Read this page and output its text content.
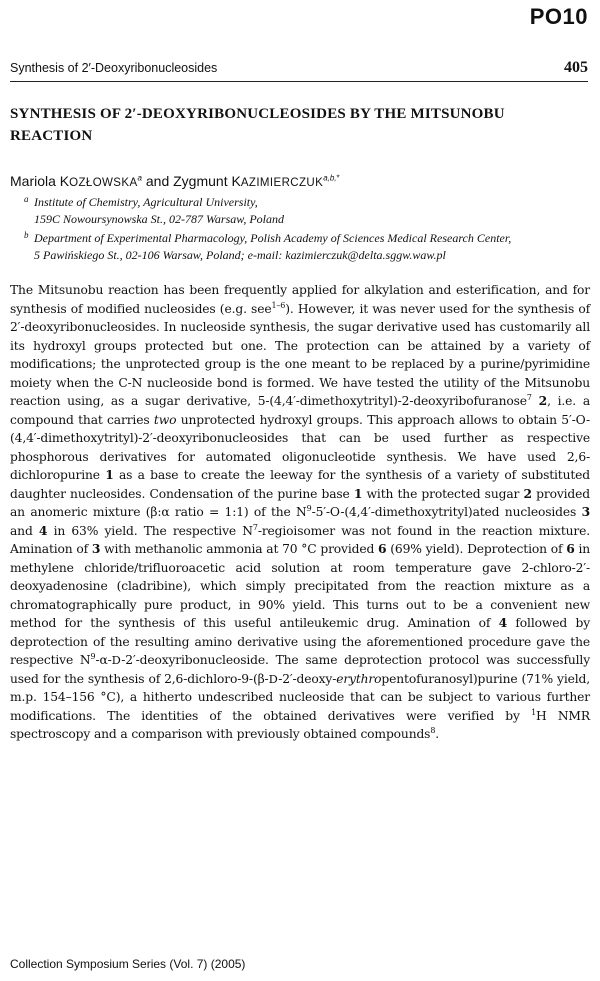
PO10
Synthesis of 2′-Deoxyribonucleosides	405
SYNTHESIS OF 2′-DEOXYRIBONUCLEOSIDES BY THE MITSUNOBU REACTION
Mariola KOZŁOWSKA$^a$ and Zygmunt $KAZIMIERCZUK^{a,b,*}$
a Institute of Chemistry, Agricultural University,
159C Nowoursynowska St., 02-787 Warsaw, Poland
b Department of Experimental Pharmacology, Polish Academy of Sciences Medical Research Center,
5 Pawińskiego St., 02-106 Warsaw, Poland; e-mail: kazimierczuk@delta.sggw.waw.pl
The Mitsunobu reaction has been frequently applied for alkylation and esterification, and for synthesis of modified nucleosides (e.g. see$^{1-6}$). However, it was never used for the synthesis of 2′-deoxyribonucleosides. In nucleoside synthesis, the sugar derivative used has customarily all its hydroxyl groups protected but one. The protection can be attained by a variety of modifications; the unprotected group is the one meant to be replaced by a purine/pyrimidine moiety when the C-N nucleoside bond is formed. We have tested the utility of the Mitsunobu reaction using, as a sugar derivative, 5-(4,4′-dimethoxytrityl)-2-deoxyribofuranose$^7$ 2, i.e. a compound that carries two unprotected hydroxyl groups. This approach allows to obtain 5′-O-(4,4′-dimethoxytrityl)-2′-deoxyribonucleosides that can be used further as respective phosphorous derivatives for automated oligonucleotide synthesis. We have used 2,6-dichloropurine 1 as a base to create the leeway for the synthesis of a variety of substituted daughter nucleosides. Condensation of the purine base 1 with the protected sugar 2 provided an anomeric mixture (β:α ratio = 1:1) of the $N^9-5'-O-(4,4'-dimethoxytrityl)ated$ nucleosides 3 and 4 in 63% yield. The respective $N^7$-regioisomer was not found in the reaction mixture. Amination of 3 with methanolic ammonia at 70 °C provided 6 (69% yield). Deprotection of 6 in methylene chloride/trifluoroacetic acid solution at room temperature gave 2-chloro-2′-deoxyadenosine (cladribine), which simply precipitated from the reaction mixture as a chromatographically pure product, in 90% yield. This turns out to be a convenient new method for the synthesis of this useful antileukemic drug. Amination of 4 followed by deprotection of the resulting amino derivative using the aforementioned procedure gave the respective $N^9-\alpha-D-2'$-deoxyribonucleoside. The same deprotection protocol was successfully used for the synthesis of 2,6-dichloro-9-(β-D-2′-deoxy-erythropentofuranosyl)purine (71% yield, m.p. 154–156 °C), a hitherto undescribed nucleoside that can be subject to various further modifications. The identities of the obtained derivatives were verified by $^1$H NMR spectroscopy and a comparison with previously obtained compounds$^8$.
Collection Symposium Series (Vol. 7) (2005)
